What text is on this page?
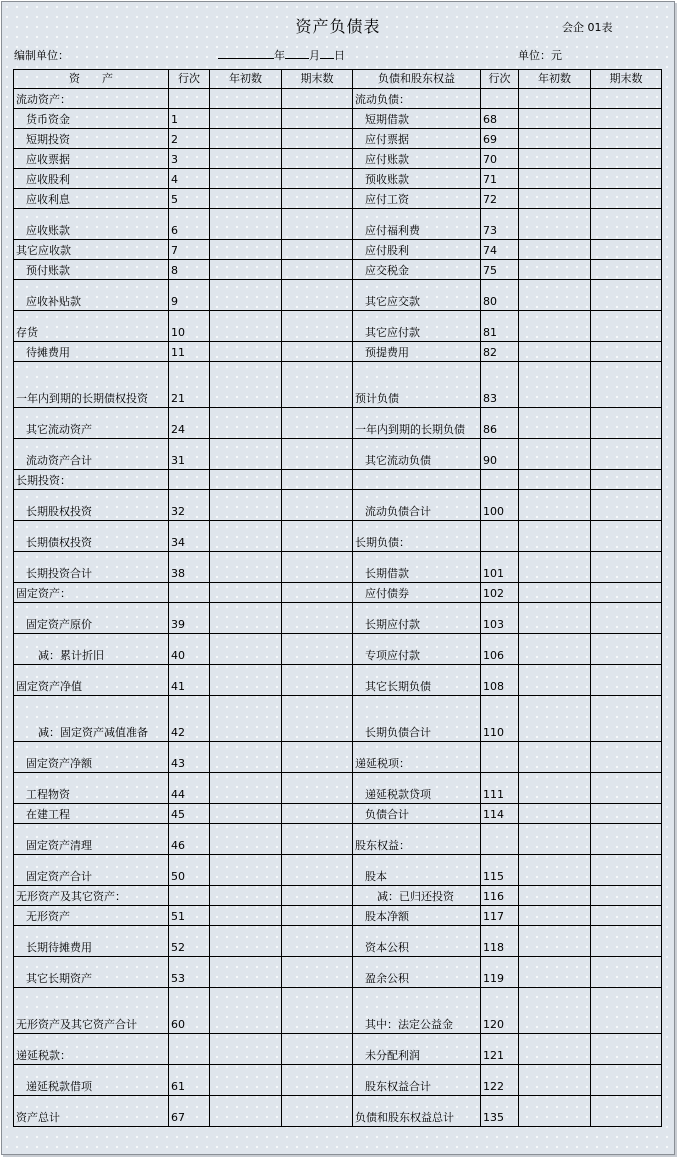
资产负债表	会企 01表
编制单位：	年 月 日	单位：元
资　　产	行次	年初数	期末数	负债和股东权益	行次	年初数	期末数
流动资产：				流动负债：			
货币资金	1			短期借款	68		
短期投资	2			应付票据	69		
应收票据	3			应付账款	70		
应收股利	4			预收账款	71		
应收利息	5			应付工资	72		
应收账款	6			应付福利费	73		
其它应收款	7			应付股利	74		
预付账款	8			应交税金	75		
应收补贴款	9			其它应交款	80		
存货	10			其它应付款	81		
待摊费用	11			预提费用	82		
一年内到期的长期债权投资	21			预计负债	83		
其它流动资产	24			一年内到期的长期负债	86		
流动资产合计	31			其它流动负债	90		
长期投资：							
长期股权投资	32			流动负债合计	100		
长期债权投资	34			长期负债：			
长期投资合计	38			长期借款	101		
固定资产：				应付债券	102		
固定资产原价	39			长期应付款	103		
减：累计折旧	40			专项应付款	106		
固定资产净值	41			其它长期负债	108		
减：固定资产减值准备	42			长期负债合计	110		
固定资产净额	43			递延税项：			
工程物资	44			递延税款贷项	111		
在建工程	45			负债合计	114		
固定资产清理	46			股东权益：			
固定资产合计	50			股本	115		
无形资产及其它资产：				减：已归还投资	116		
无形资产	51			股本净额	117		
长期待摊费用	52			资本公积	118		
其它长期资产	53			盈余公积	119		
无形资产及其它资产合计	60			其中：法定公益金	120		
递延税款：				未分配利润	121		
递延税款借项	61			股东权益合计	122		
资产总计	67			负债和股东权益总计	135		
